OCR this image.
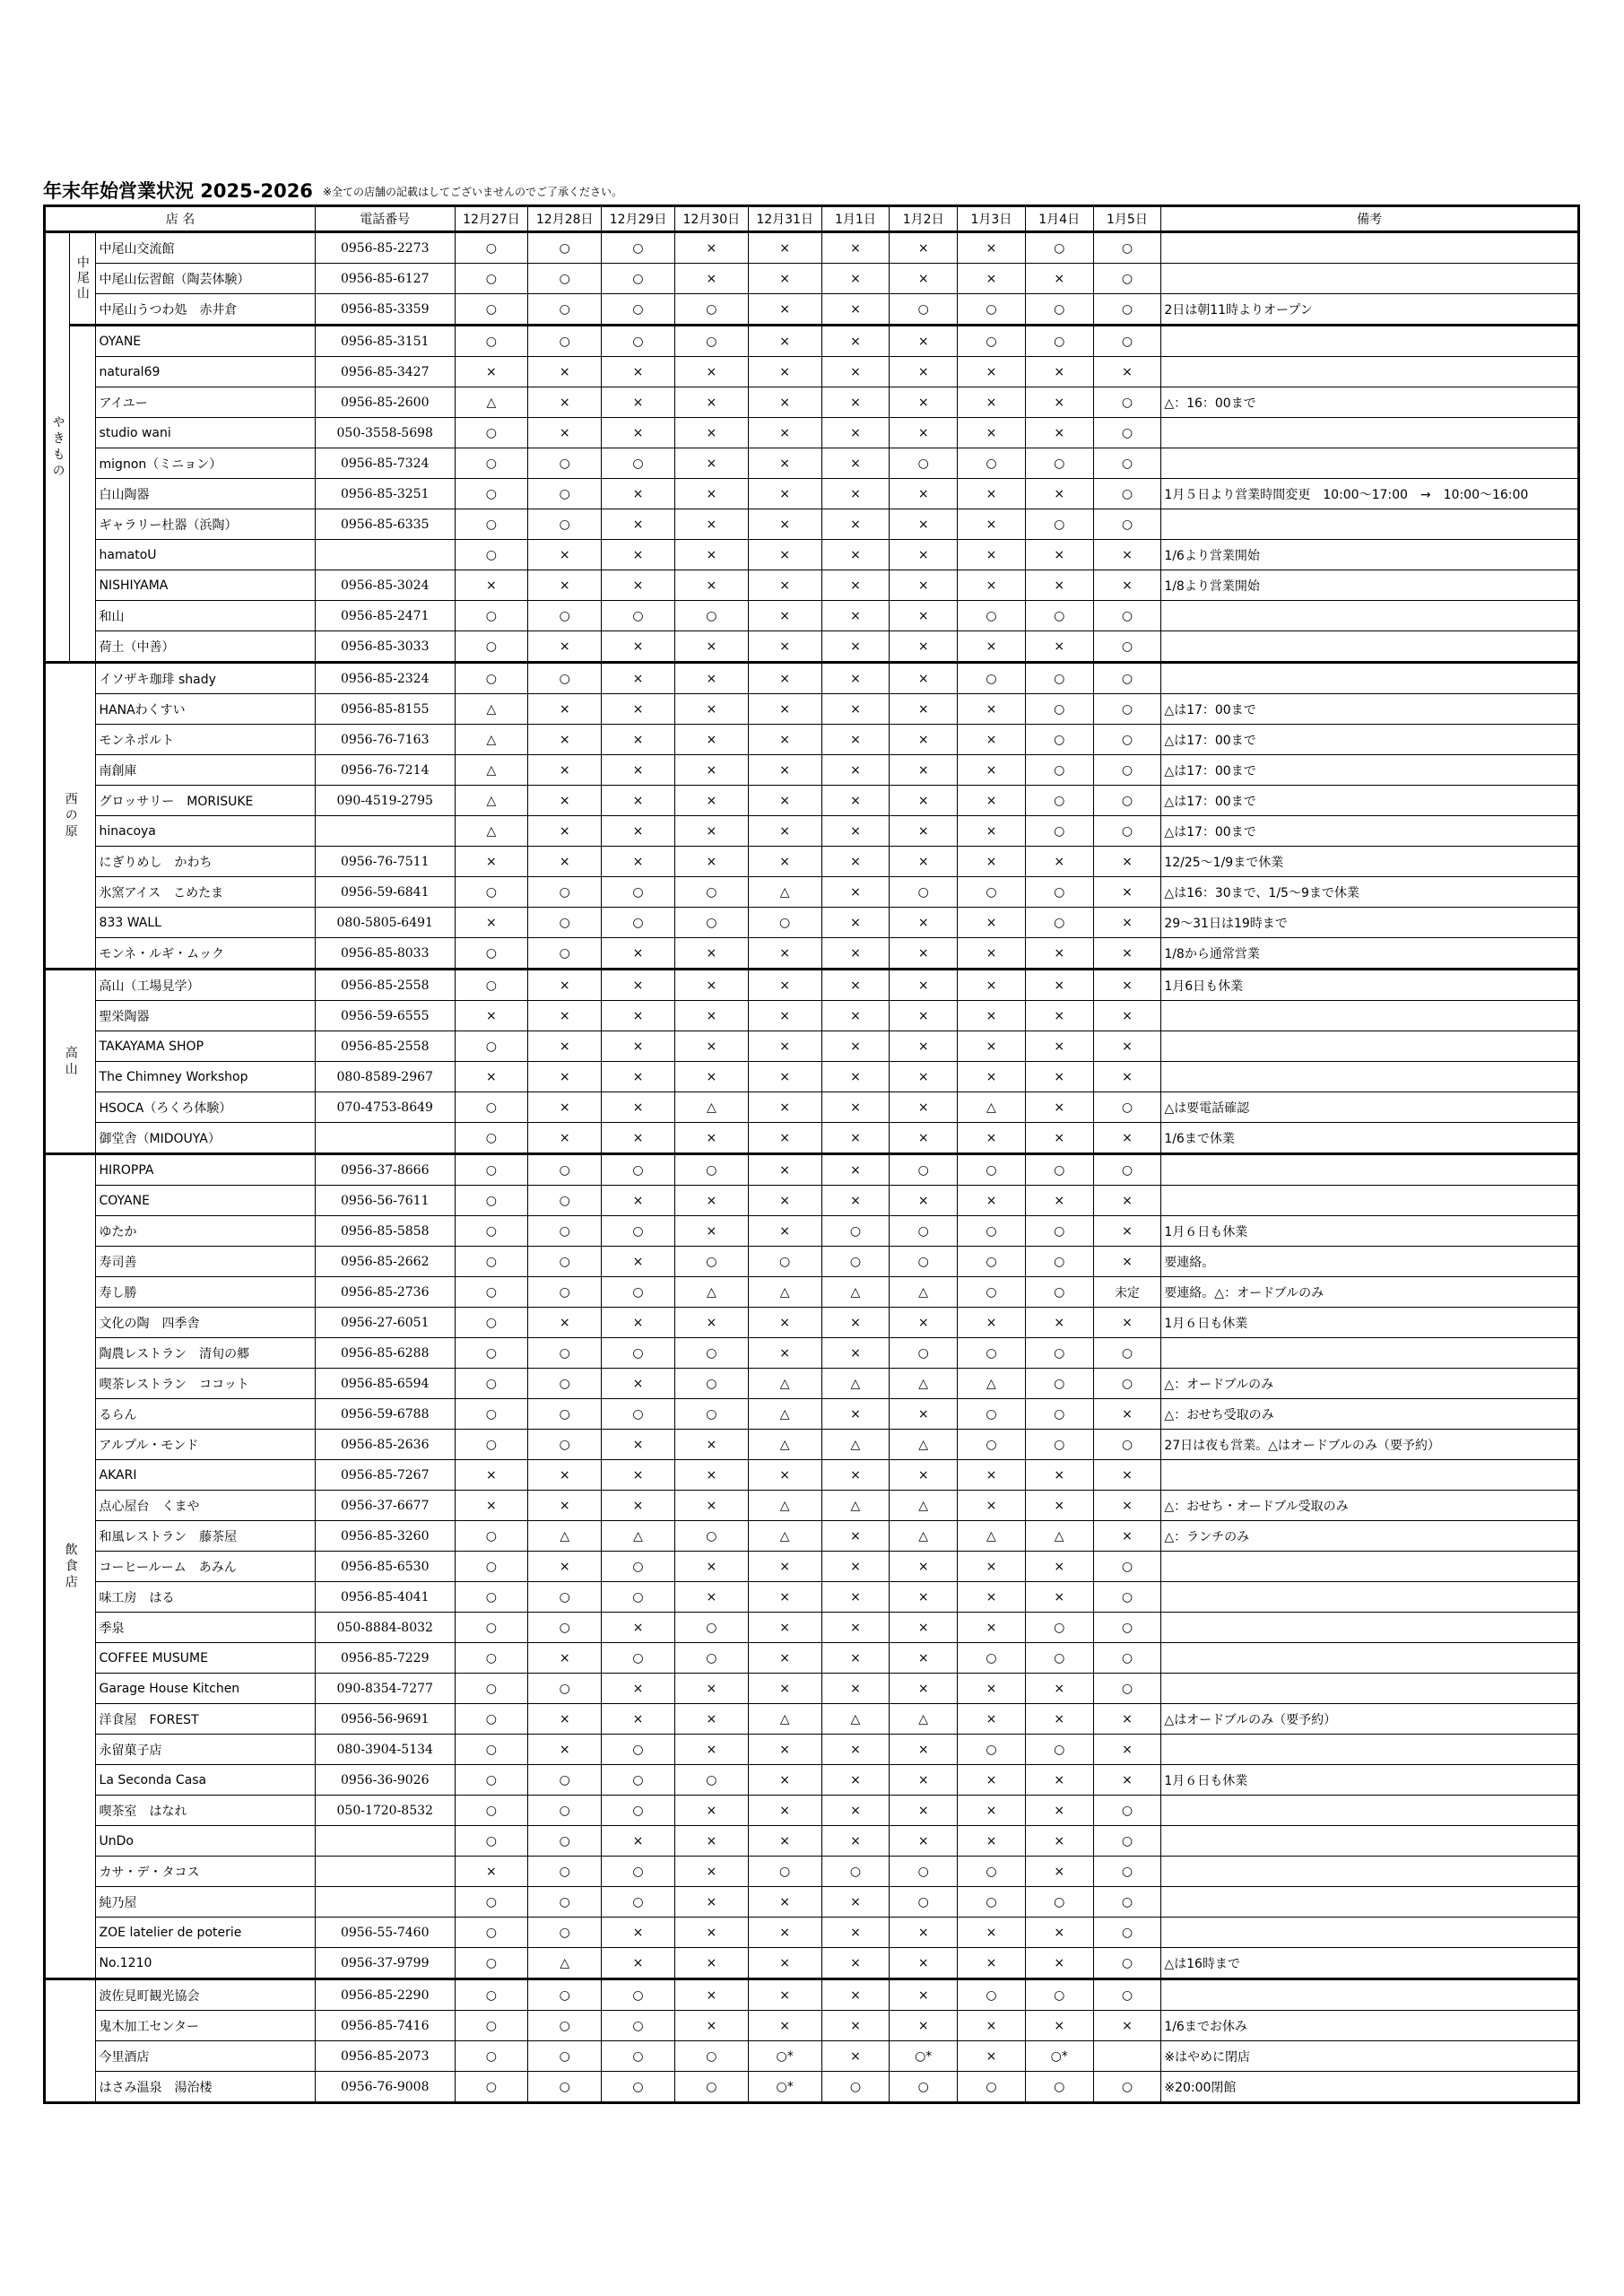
年末年始営業状況 2025-2026 ※全ての店舗の記載はしてございませんのでご了承ください。
店 名			電話番号	12月27日	12月28日	12月29日	12月30日	12月31日	1月1日	1月2日	1月3日	1月4日	1月5日	備考
やきもの	中尾山	中尾山交流館	0956-85-2273	○	○	○	×	×	×	×	×	○	○	
		中尾山伝習館（陶芸体験）	0956-85-6127	○	○	○	×	×	×	×	×	×	○	
		中尾山うつわ処　赤井倉	0956-85-3359	○	○	○	○	×	×	○	○	○	○	2日は朝11時よりオープン
		OYANE	0956-85-3151	○	○	○	○	×	×	×	○	○	○	
		natural69	0956-85-3427	×	×	×	×	×	×	×	×	×	×	
		アイユー	0956-85-2600	△	×	×	×	×	×	×	×	×	○	△：16：00まで
		studio wani	050-3558-5698	○	×	×	×	×	×	×	×	×	○	
		mignon（ミニョン）	0956-85-7324	○	○	○	×	×	×	○	○	○	○	
		白山陶器	0956-85-3251	○	○	×	×	×	×	×	×	×	○	1月５日より営業時間変更　10:00～17:00　→　10:00～16:00
		ギャラリー杜器（浜陶）	0956-85-6335	○	○	×	×	×	×	×	×	○	○	
		hamatoU		○	×	×	×	×	×	×	×	×	×	1/6より営業開始
		NISHIYAMA	0956-85-3024	×	×	×	×	×	×	×	×	×	×	1/8より営業開始
		和山	0956-85-2471	○	○	○	○	×	×	×	○	○	○	
		荷土（中善）	0956-85-3033	○	×	×	×	×	×	×	×	×	○	
西の原		イソザキ珈琲 shady	0956-85-2324	○	○	×	×	×	×	×	○	○	○	
		HANAわくすい	0956-85-8155	△	×	×	×	×	×	×	×	○	○	△は17：00まで
		モンネポルト	0956-76-7163	△	×	×	×	×	×	×	×	○	○	△は17：00まで
		南創庫	0956-76-7214	△	×	×	×	×	×	×	×	○	○	△は17：00まで
		グロッサリー　MORISUKE	090-4519-2795	△	×	×	×	×	×	×	×	○	○	△は17：00まで
		hinacoya		△	×	×	×	×	×	×	×	○	○	△は17：00まで
		にぎりめし　かわち	0956-76-7511	×	×	×	×	×	×	×	×	×	×	12/25～1/9まで休業
		氷窯アイス　こめたま	0956-59-6841	○	○	○	○	△	×	○	○	○	×	△は16：30まで、1/5～9まで休業
		833 WALL	080-5805-6491	×	○	○	○	○	×	×	×	○	×	29～31日は19時まで
		モンネ・ルギ・ムック	0956-85-8033	○	○	×	×	×	×	×	×	×	×	1/8から通常営業
高山		高山（工場見学）	0956-85-2558	○	×	×	×	×	×	×	×	×	×	1月6日も休業
		聖栄陶器	0956-59-6555	×	×	×	×	×	×	×	×	×	×	
		TAKAYAMA SHOP	0956-85-2558	○	×	×	×	×	×	×	×	×	×	
		The Chimney Workshop	080-8589-2967	×	×	×	×	×	×	×	×	×	×	
		HSOCA（ろくろ体験）	070-4753-8649	○	×	×	△	×	×	×	△	×	○	△は要電話確認
		御堂舎（MIDOUYA）		○	×	×	×	×	×	×	×	×	×	1/6まで休業
飲食店		HIROPPA	0956-37-8666	○	○	○	○	×	×	○	○	○	○	
		COYANE	0956-56-7611	○	○	×	×	×	×	×	×	×	×	
		ゆたか	0956-85-5858	○	○	○	×	×	○	○	○	○	×	1月６日も休業
		寿司善	0956-85-2662	○	○	×	○	○	○	○	○	○	×	要連絡。
		寿し勝	0956-85-2736	○	○	○	△	△	△	△	○	○	未定	要連絡。△：オードブルのみ
		文化の陶　四季舎	0956-27-6051	○	×	×	×	×	×	×	×	×	×	1月６日も休業
		陶農レストラン　清旬の郷	0956-85-6288	○	○	○	○	×	×	○	○	○	○	
		喫茶レストラン　ココット	0956-85-6594	○	○	×	○	△	△	△	△	○	○	△：オードブルのみ
		るらん	0956-59-6788	○	○	○	○	△	×	×	○	○	×	△：おせち受取のみ
		アルプル・モンド	0956-85-2636	○	○	×	×	△	△	△	○	○	○	27日は夜も営業。△はオードブルのみ（要予約）
		AKARI	0956-85-7267	×	×	×	×	×	×	×	×	×	×	
		点心屋台　くまや	0956-37-6677	×	×	×	×	△	△	△	×	×	×	△：おせち・オードブル受取のみ
		和風レストラン　藤茶屋	0956-85-3260	○	△	△	○	△	×	△	△	△	×	△：ランチのみ
		コーヒールーム　あみん	0956-85-6530	○	×	○	×	×	×	×	×	×	○	
		味工房　はる	0956-85-4041	○	○	○	×	×	×	×	×	×	○	
		季泉	050-8884-8032	○	○	×	○	×	×	×	×	○	○	
		COFFEE MUSUME	0956-85-7229	○	×	○	○	×	×	×	○	○	○	
		Garage House Kitchen	090-8354-7277	○	○	×	×	×	×	×	×	×	○	
		洋食屋　FOREST	0956-56-9691	○	×	×	×	△	△	△	×	×	×	△はオードブルのみ（要予約）
		永留菓子店	080-3904-5134	○	×	○	×	×	×	×	○	○	×	
		La Seconda Casa	0956-36-9026	○	○	○	○	×	×	×	×	×	×	1月６日も休業
		喫茶室　はなれ	050-1720-8532	○	○	○	×	×	×	×	×	×	○	
		UnDo		○	○	×	×	×	×	×	×	×	○	
		カサ・デ・タコス		×	○	○	×	○	○	○	○	×	○	
		純乃屋		○	○	○	×	×	×	○	○	○	○	
		ZOE latelier de poterie	0956-55-7460	○	○	×	×	×	×	×	×	×	○	
		No.1210	0956-37-9799	○	△	×	×	×	×	×	×	×	○	△は16時まで
		波佐見町観光協会	0956-85-2290	○	○	○	×	×	×	×	○	○	○	
		鬼木加工センター	0956-85-7416	○	○	○	×	×	×	×	×	×	×	1/6までお休み
		今里酒店	0956-85-2073	○	○	○	○	○*	×	○*	×	○*		※はやめに閉店
		はさみ温泉　湯治楼	0956-76-9008	○	○	○	○	○*	○	○	○	○	○	※20:00閉館
